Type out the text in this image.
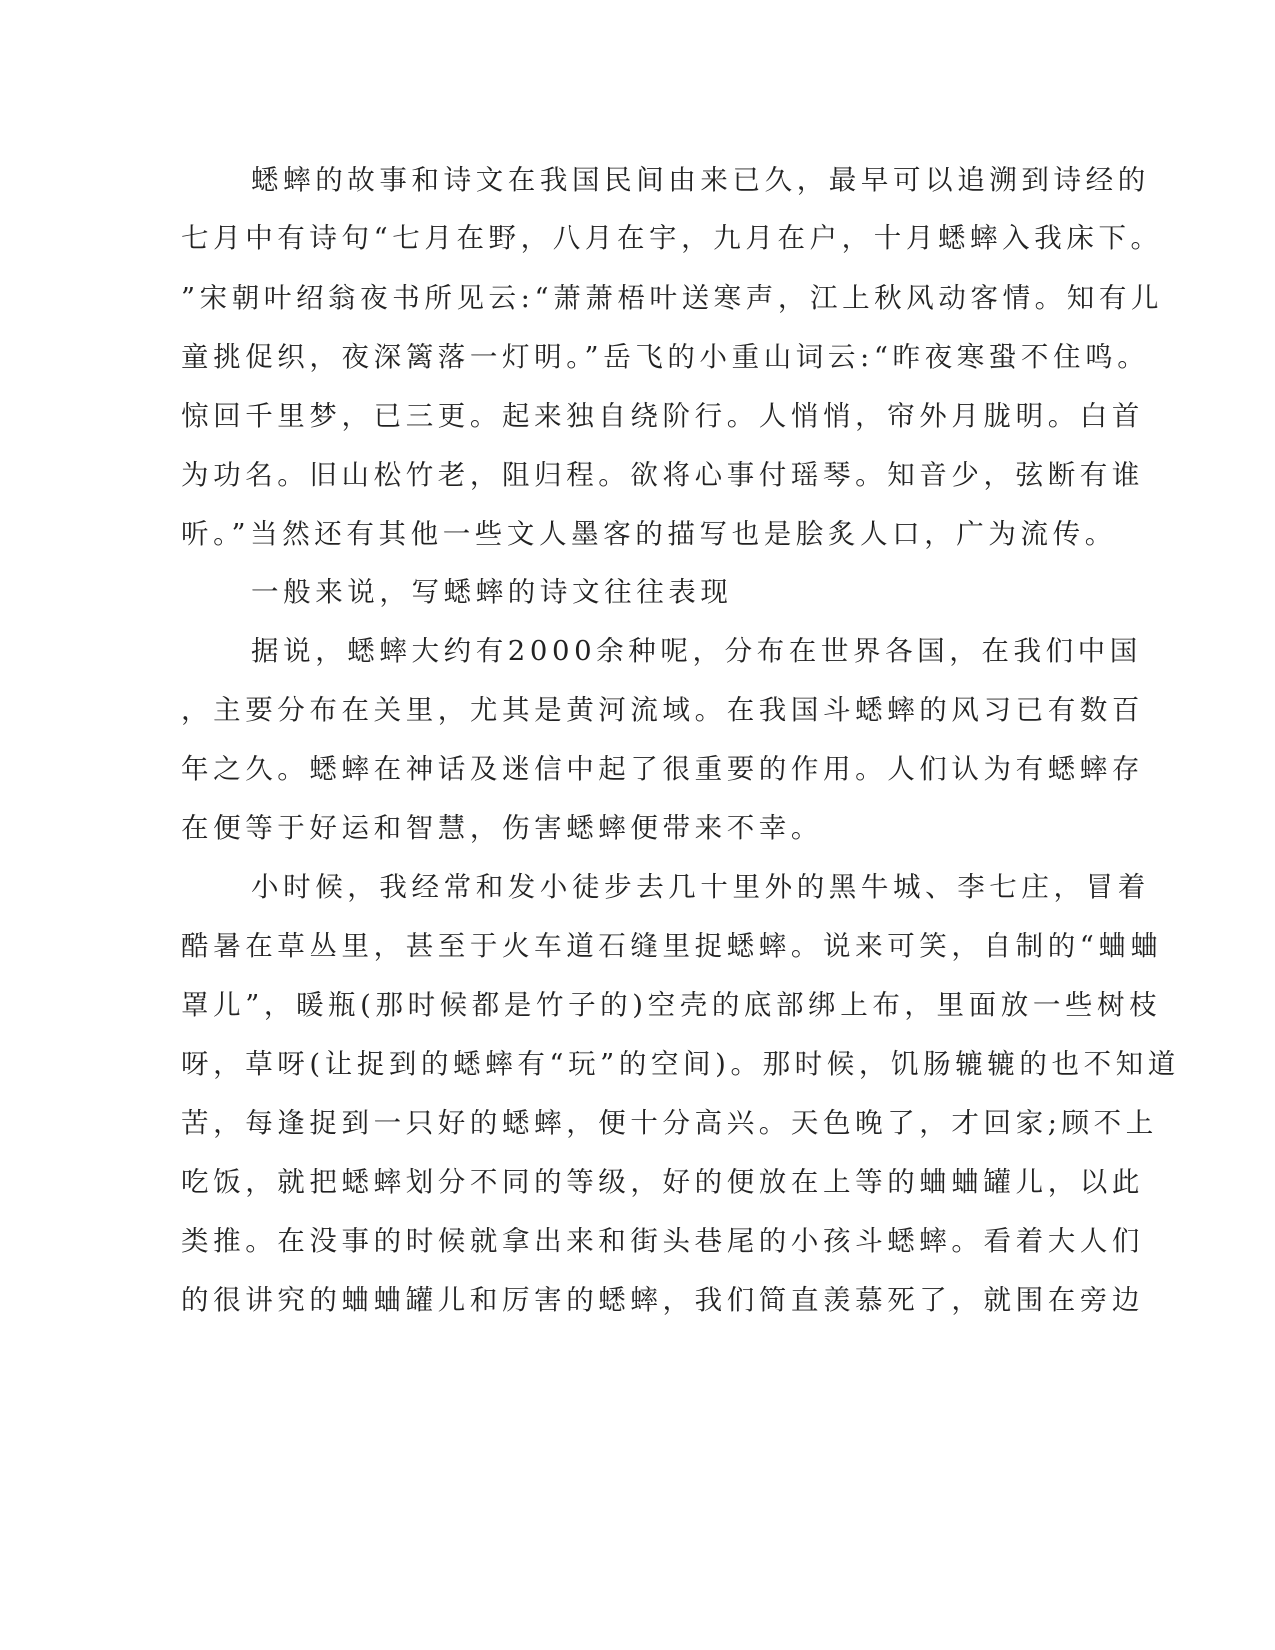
蟋蟀的故事和诗文在我国民间由来已久，最早可以追溯到诗经的
七月中有诗句“七月在野，八月在宇，九月在户，十月蟋蟀入我床下。
”宋朝叶绍翁夜书所见云:“萧萧梧叶送寒声，江上秋风动客情。知有儿
童挑促织，夜深篱落一灯明。”岳飞的小重山词云:“昨夜寒蛩不住鸣。
惊回千里梦，已三更。起来独自绕阶行。人悄悄，帘外月胧明。白首
为功名。旧山松竹老，阻归程。欲将心事付瑶琴。知音少，弦断有谁
听。”当然还有其他一些文人墨客的描写也是脍炙人口，广为流传。
一般来说，写蟋蟀的诗文往往表现
据说，蟋蟀大约有2000余种呢，分布在世界各国，在我们中国
，主要分布在关里，尤其是黄河流域。在我国斗蟋蟀的风习已有数百
年之久。蟋蟀在神话及迷信中起了很重要的作用。人们认为有蟋蟀存
在便等于好运和智慧，伤害蟋蟀便带来不幸。
小时候，我经常和发小徒步去几十里外的黑牛城、李七庄，冒着
酷暑在草丛里，甚至于火车道石缝里捉蟋蟀。说来可笑，自制的“蛐蛐
罩儿”，暖瓶(那时候都是竹子的)空壳的底部绑上布，里面放一些树枝
呀，草呀(让捉到的蟋蟀有“玩”的空间)。那时候，饥肠辘辘的也不知道
苦，每逢捉到一只好的蟋蟀，便十分高兴。天色晚了，才回家;顾不上
吃饭，就把蟋蟀划分不同的等级，好的便放在上等的蛐蛐罐儿，以此
类推。在没事的时候就拿出来和街头巷尾的小孩斗蟋蟀。看着大人们
的很讲究的蛐蛐罐儿和厉害的蟋蟀，我们简直羡慕死了，就围在旁边
